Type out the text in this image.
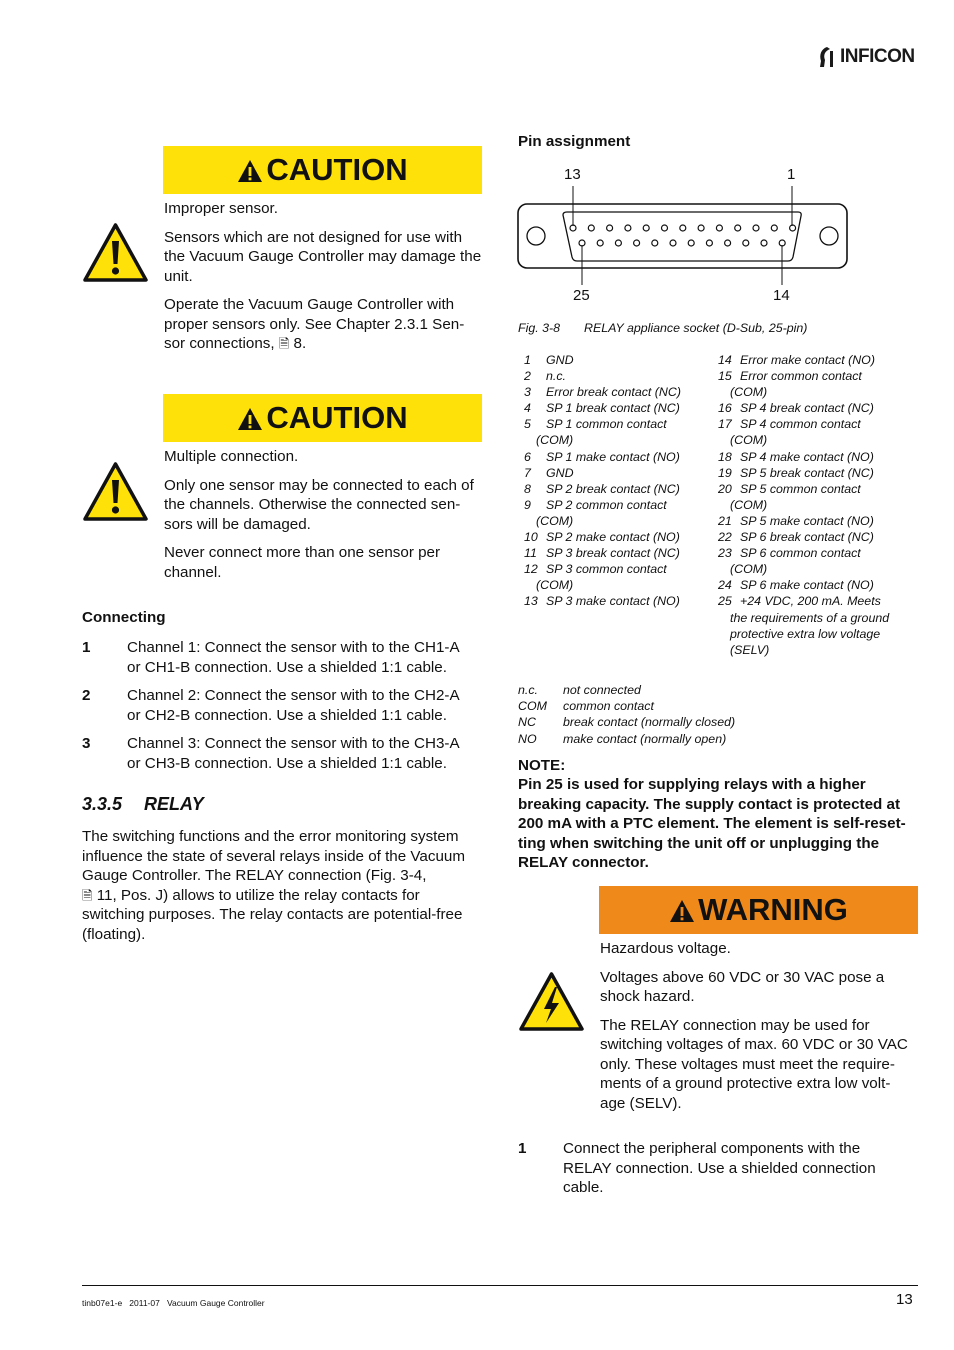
INFICON
CAUTION

Improper sensor.

Sensors which are not designed for use with the Vacuum Gauge Controller may damage the unit.

Operate the Vacuum Gauge Controller with
proper sensors only. See Chapter 2.3.1 Sen-
sor connections, 🗎 8.

CAUTION

Multiple connection.

Only one sensor may be connected to each of
the channels. Otherwise the connected sen-
sors will be damaged.

Never connect more than one sensor per
channel.

Connecting
1	Channel 1: Connect the sensor with to the CH1-A
or CH1-B connection. Use a shielded 1:1 cable.
2	Channel 2: Connect the sensor with to the CH2-A
or CH2-B connection. Use a shielded 1:1 cable.
3	Channel 3: Connect the sensor with to the CH3-A
or CH3-B connection. Use a shielded 1:1 cable.
3.3.5 RELAY
The switching functions and the error monitoring system
influence the state of several relays inside of the Vacuum
Gauge Controller. The RELAY connection (Fig. 3-4,
🗎 11, Pos. J) allows to utilize the relay contacts for
switching purposes. The relay contacts are potential-free
(floating).
Pin assignment
13	1
25	14
Fig. 3-8 RELAY appliance socket (D-Sub, 25-pin)
1	GND
2	n.c.
3	Error break contact (NC)
4	SP 1 break contact (NC)
5	SP 1 common contact
(COM)
6	SP 1 make contact (NO)
7	GND
8	SP 2 break contact (NC)
9	SP 2 common contact
(COM)
10 SP 2 make contact (NO)
11 SP 3 break contact (NC)
12 SP 3 common contact
(COM)
13 SP 3 make contact (NO)
14 Error make contact (NO)
15 Error common contact
(COM)
16 SP 4 break contact (NC)
17 SP 4 common contact
(COM)
18 SP 4 make contact (NO)
19 SP 5 break contact (NC)
20 SP 5 common contact
(COM)
21 SP 5 make contact (NO)
22 SP 6 break contact (NC)
23 SP 6 common contact
(COM)
24 SP 6 make contact (NO)
25 +24 VDC, 200 mA. Meets
the requirements of a ground
protective extra low voltage
(SELV)
n.c.	not connected
COM	common contact
NC	break contact (normally closed)
NO	make contact (normally open)
NOTE:
Pin 25 is used for supplying relays with a higher
breaking capacity. The supply contact is protected at
200 mA with a PTC element. The element is self-reset-
ting when switching the unit off or unplugging the
RELAY connector.
WARNING

Hazardous voltage.

Voltages above 60 VDC or 30 VAC pose a
shock hazard.

The RELAY connection may be used for
switching voltages of max. 60 VDC or 30 VAC
only. These voltages must meet the require-
ments of a ground protective extra low volt-
age (SELV).

1	Connect the peripheral components with the
RELAY connection. Use a shielded connection
cable.
tinb07e1-e 2011-07 Vacuum Gauge Controller	13
